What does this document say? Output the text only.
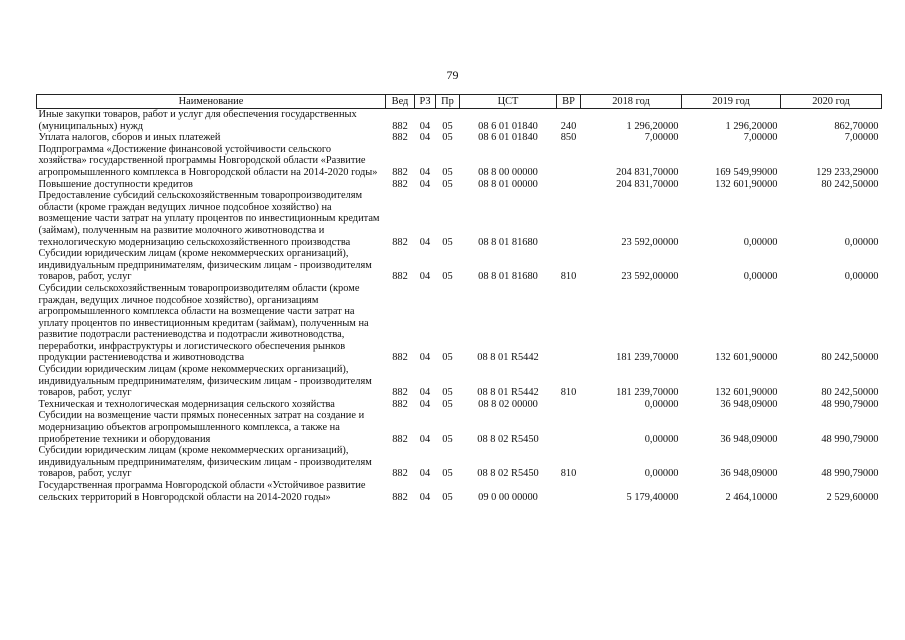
79
Наименование	Вед	РЗ	Пр	ЦСТ	ВР	2018 год	2019 год	2020 год
Иные закупки товаров, работ и услуг для обеспечения государственных (муниципальных) нужд	882	04	05	08 6 01 01840	240	1 296,20000	1 296,20000	862,70000
Уплата налогов, сборов и иных платежей	882	04	05	08 6 01 01840	850	7,00000	7,00000	7,00000
Подпрограмма «Достижение финансовой устойчивости сельского хозяйства» государственной программы Новгородской области «Развитие агропромышленного комплекса в Новгородской области на 2014-2020 годы»	882	04	05	08 8 00 00000		204 831,70000	169 549,99000	129 233,29000
Повышение доступности кредитов	882	04	05	08 8 01 00000		204 831,70000	132 601,90000	80 242,50000
Предоставление субсидий сельскохозяйственным товаропроизводителям области (кроме граждан ведущих личное подсобное хозяйство) на возмещение части затрат на уплату процентов по инвестиционным кредитам (займам), полученным на развитие молочного животноводства и технологическую модернизацию сельскохозяйственного производства	882	04	05	08 8 01 81680		23 592,00000	0,00000	0,00000
Субсидии юридическим лицам (кроме некоммерческих организаций), индивидуальным предпринимателям, физическим лицам - производителям товаров, работ, услуг	882	04	05	08 8 01 81680	810	23 592,00000	0,00000	0,00000
Субсидии сельскохозяйственным товаропроизводителям области (кроме граждан, ведущих личное подсобное хозяйство), организациям агропромышленного комплекса области на возмещение части затрат на уплату процентов по инвестиционным кредитам (займам), полученным на развитие подотрасли растениеводства и подотрасли животноводства, переработки, инфраструктуры и логистического обеспечения рынков продукции растениеводства и животноводства	882	04	05	08 8 01 R5442		181 239,70000	132 601,90000	80 242,50000
Субсидии юридическим лицам (кроме некоммерческих организаций), индивидуальным предпринимателям, физическим лицам - производителям товаров, работ, услуг	882	04	05	08 8 01 R5442	810	181 239,70000	132 601,90000	80 242,50000
Техническая и технологическая модернизация сельского хозяйства	882	04	05	08 8 02 00000		0,00000	36 948,09000	48 990,79000
Субсидии на возмещение части прямых понесенных затрат на создание и модернизацию объектов агропромышленного комплекса, а также на приобретение техники и оборудования	882	04	05	08 8 02 R5450		0,00000	36 948,09000	48 990,79000
Субсидии юридическим лицам (кроме некоммерческих организаций), индивидуальным предпринимателям, физическим лицам - производителям товаров, работ, услуг	882	04	05	08 8 02 R5450	810	0,00000	36 948,09000	48 990,79000
Государственная программа Новгородской области «Устойчивое развитие сельских территорий в Новгородской области на 2014-2020 годы»	882	04	05	09 0 00 00000		5 179,40000	2 464,10000	2 529,60000
